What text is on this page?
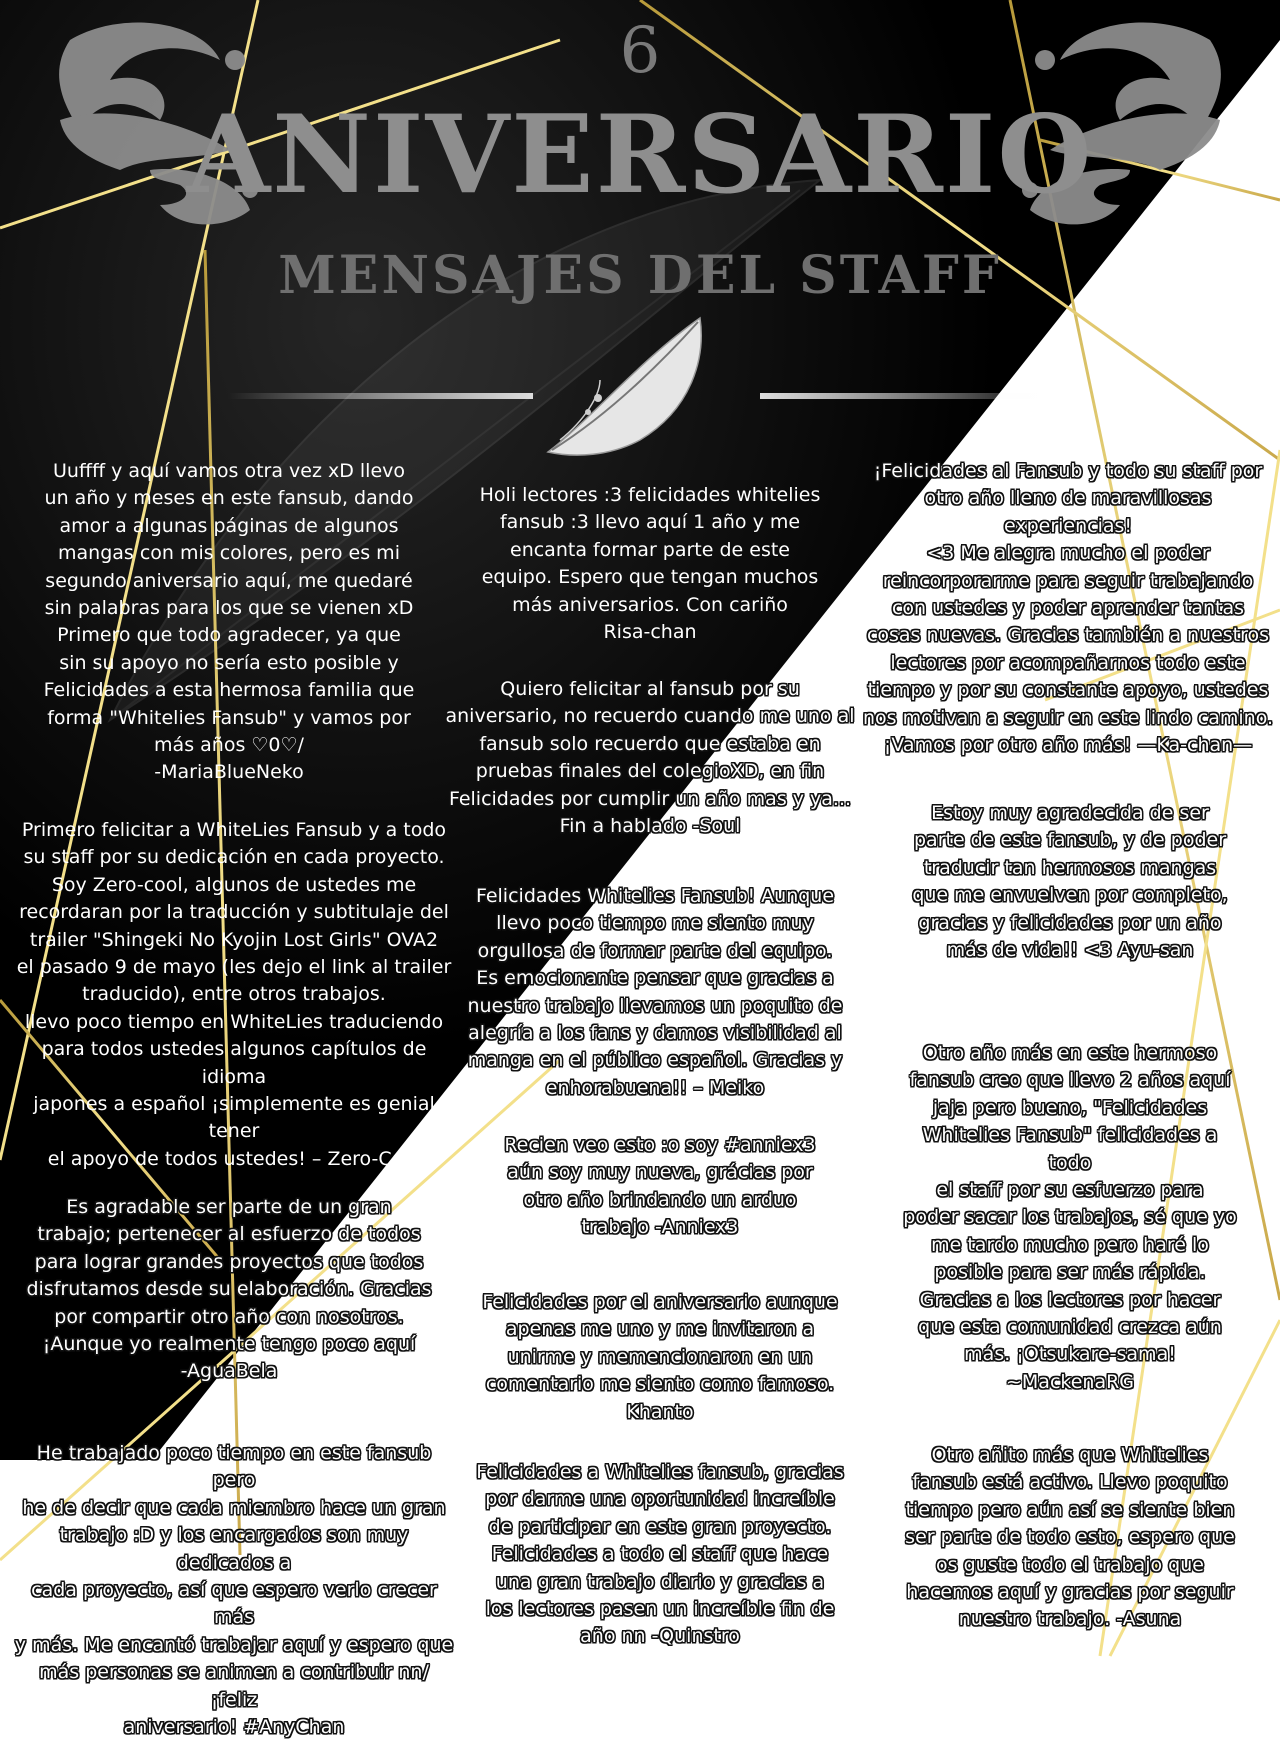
6
ANIVERSARIO
MENSAJES DEL STAFF

Uuffff y aquí vamos otra vez xD llevo
un año y meses en este fansub, dando
amor a algunas páginas de algunos
mangas con mis colores, pero es mi
segundo aniversario aquí, me quedaré
sin palabras para los que se vienen xD
Primero que todo agradecer, ya que
sin su apoyo no sería esto posible y
Felicidades a esta hermosa familia que
forma "Whitelies Fansub" y vamos por
más años ♡0♡/
-MariaBlueNeko

Primero felicitar a WhiteLies Fansub y a todo
su staff por su dedicación en cada proyecto.
Soy Zero-cool, algunos de ustedes me
recordaran por la traducción y subtitulaje del
trailer "Shingeki No Kyojin Lost Girls" OVA2
el pasado 9 de mayo (les dejo el link al trailer
traducido), entre otros trabajos.
llevo poco tiempo en WhiteLies traduciendo
para todos ustedes algunos capítulos de idioma
japones a español ¡simplemente es genial tener
el apoyo de todos ustedes! – Zero-Cool

Es agradable ser parte de un gran
trabajo; pertenecer al esfuerzo de todos
para lograr grandes proyectos que todos
disfrutamos desde su elaboración. Gracias
por compartir otro año con nosotros.
¡Aunque yo realmente tengo poco aquí
-AguaBela

He trabajado poco tiempo en este fansub pero
he de decir que cada miembro hace un gran
trabajo :D y los encargados son muy dedicados a
cada proyecto, así que espero verlo crecer más
y más. Me encantó trabajar aquí y espero que
más personas se animen a contribuir nn/ ¡feliz
aniversario! #AnyChan

Holi lectores :3 felicidades whitelies
fansub :3 llevo aquí 1 año y me
encanta formar parte de este
equipo. Espero que tengan muchos
más aniversarios. Con cariño
Risa-chan

Quiero felicitar al fansub por su
aniversario, no recuerdo cuando me uno al
fansub solo recuerdo que estaba en
pruebas finales del colegioXD, en fin
Felicidades por cumplir un año mas y ya...
Fin a hablado -Soul

Felicidades Whitelies Fansub! Aunque
llevo poco tiempo me siento muy
orgullosa de formar parte del equipo.
Es emocionante pensar que gracias a
nuestro trabajo llevamos un poquito de
alegría a los fans y damos visibilidad al
manga en el público español. Gracias y
enhorabuena!! – Meiko

Recien veo esto :o soy #anniex3
aún soy muy nueva, grácias por
otro año brindando un arduo
trabajo -Anniex3

Felicidades por el aniversario aunque
apenas me uno y me invitaron a
unirme y memencionaron en un
comentario me siento como famoso.
Khanto

Felicidades a Whitelies fansub, gracias
por darme una oportunidad increíble
de participar en este gran proyecto.
Felicidades a todo el staff que hace
una gran trabajo diario y gracias a
los lectores pasen un increíble fin de
año nn -Quinstro

¡Felicidades al Fansub y todo su staff por
otro año lleno de maravillosas experiencias!
<3 Me alegra mucho el poder
reincorporarme para seguir trabajando
con ustedes y poder aprender tantas
cosas nuevas. Gracias también a nuestros
lectores por acompañarnos todo este
tiempo y por su constante apoyo, ustedes
nos motivan a seguir en este lindo camino.
¡Vamos por otro año más! —Ka-chan—

Estoy muy agradecida de ser
parte de este fansub, y de poder
traducir tan hermosos mangas
que me envuelven por completo,
gracias y felicidades por un año
más de vida!! <3 Ayu-san

Otro año más en este hermoso
fansub creo que llevo 2 años aquí
jaja pero bueno, "Felicidades
Whitelies Fansub" felicidades a todo
el staff por su esfuerzo para
poder sacar los trabajos, sé que yo
me tardo mucho pero haré lo
posible para ser más rápida.
Gracias a los lectores por hacer
que esta comunidad crezca aún
más. ¡Otsukare-sama!
~MackenaRG

Otro añito más que Whitelies
fansub está activo. Llevo poquito
tiempo pero aún así se siente bien
ser parte de todo esto, espero que
os guste todo el trabajo que
hacemos aquí y gracias por seguir
nuestro trabajo. -Asuna
